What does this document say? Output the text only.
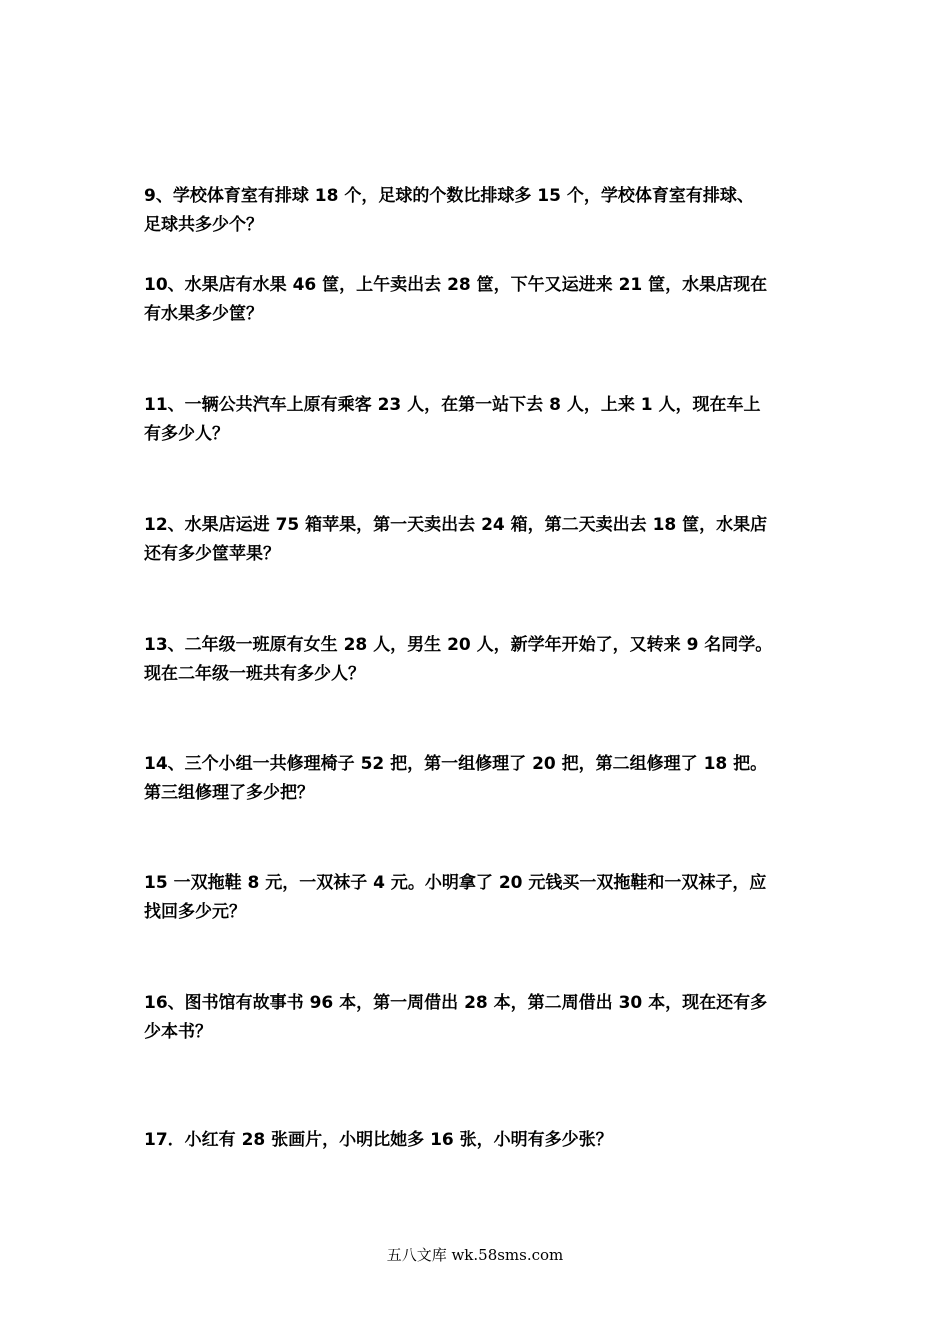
9、学校体育室有排球 18 个，足球的个数比排球多 15 个，学校体育室有排球、
足球共多少个？
10、水果店有水果 46 筐，上午卖出去 28 筐，下午又运进来 21 筐，水果店现在
有水果多少筐？
11、一辆公共汽车上原有乘客 23 人，在第一站下去 8 人，上来 1 人，现在车上
有多少人？
12、水果店运进 75 箱苹果，第一天卖出去 24 箱，第二天卖出去 18 筐，水果店
还有多少筐苹果？
13、二年级一班原有女生 28 人，男生 20 人，新学年开始了，又转来 9 名同学。
现在二年级一班共有多少人？
14、三个小组一共修理椅子 52 把，第一组修理了 20 把，第二组修理了 18 把。
第三组修理了多少把？
15 一双拖鞋 8 元，一双袜子 4 元。小明拿了 20 元钱买一双拖鞋和一双袜子，应
找回多少元？
16、图书馆有故事书 96 本，第一周借出 28 本，第二周借出 30 本，现在还有多
少本书？
17．小红有 28 张画片，小明比她多 16 张，小明有多少张？
五八文库 wk.58sms.com
